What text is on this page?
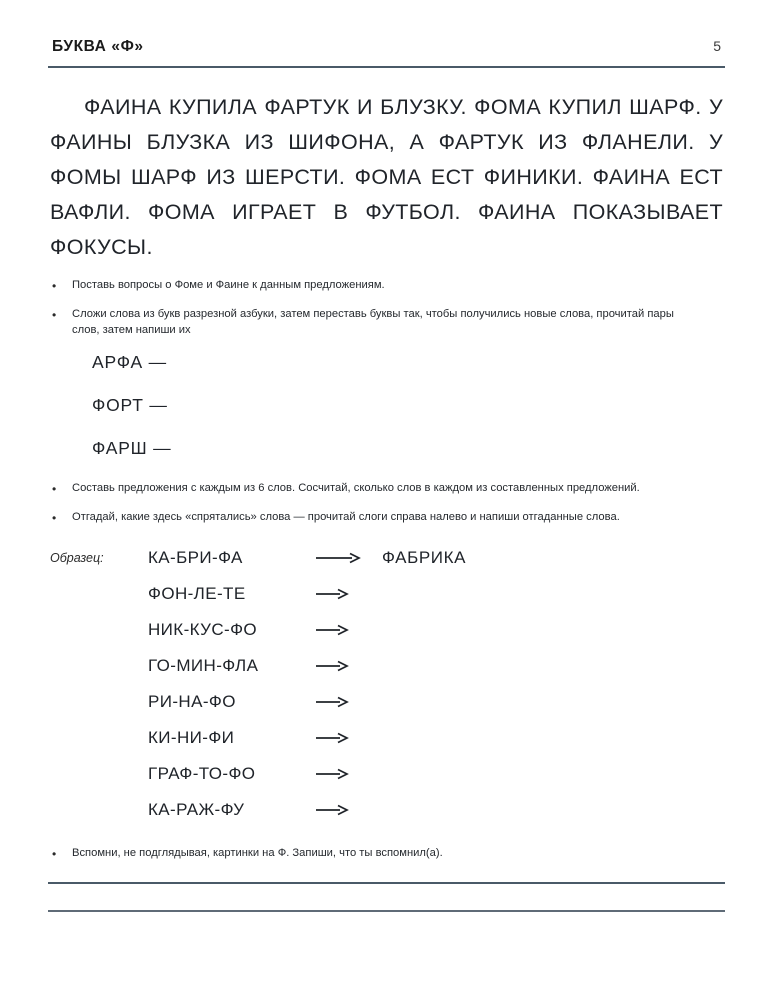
БУКВА «Ф»	5
ФАИНА КУПИЛА ФАРТУК И БЛУЗКУ. ФОМА КУПИЛ ШАРФ. У ФАИНЫ БЛУЗКА ИЗ ШИФОНА, А ФАРТУК ИЗ ФЛАНЕЛИ. У ФОМЫ ШАРФ ИЗ ШЕРСТИ. ФОМА ЕСТ ФИНИКИ. ФАИНА ЕСТ ВАФЛИ. ФОМА ИГРАЕТ В ФУТБОЛ. ФАИНА ПОКАЗЫВАЕТ ФОКУСЫ.
•	Поставь вопросы о Фоме и Фаине к данным предложениям.
•	Сложи слова из букв разрезной азбуки, затем переставь буквы так, чтобы получились новые слова, прочитай пары слов, затем напиши их
АРФА —
ФОРТ —
ФАРШ —
•	Составь предложения с каждым из 6 слов. Сосчитай, сколько слов в каждом из составленных предложений.
•	Отгадай, какие здесь «спрятались» слова — прочитай слоги справа налево и напиши отгаданные слова.
Образец:	КА-БРИ-ФА	ФАБРИКА
ФОН-ЛЕ-ТЕ
НИК-КУС-ФО
ГО-МИН-ФЛА
РИ-НА-ФО
КИ-НИ-ФИ
ГРАФ-ТО-ФО
КА-РАЖ-ФУ
•	Вспомни, не подглядывая, картинки на Ф. Запиши, что ты вспомнил(а).
